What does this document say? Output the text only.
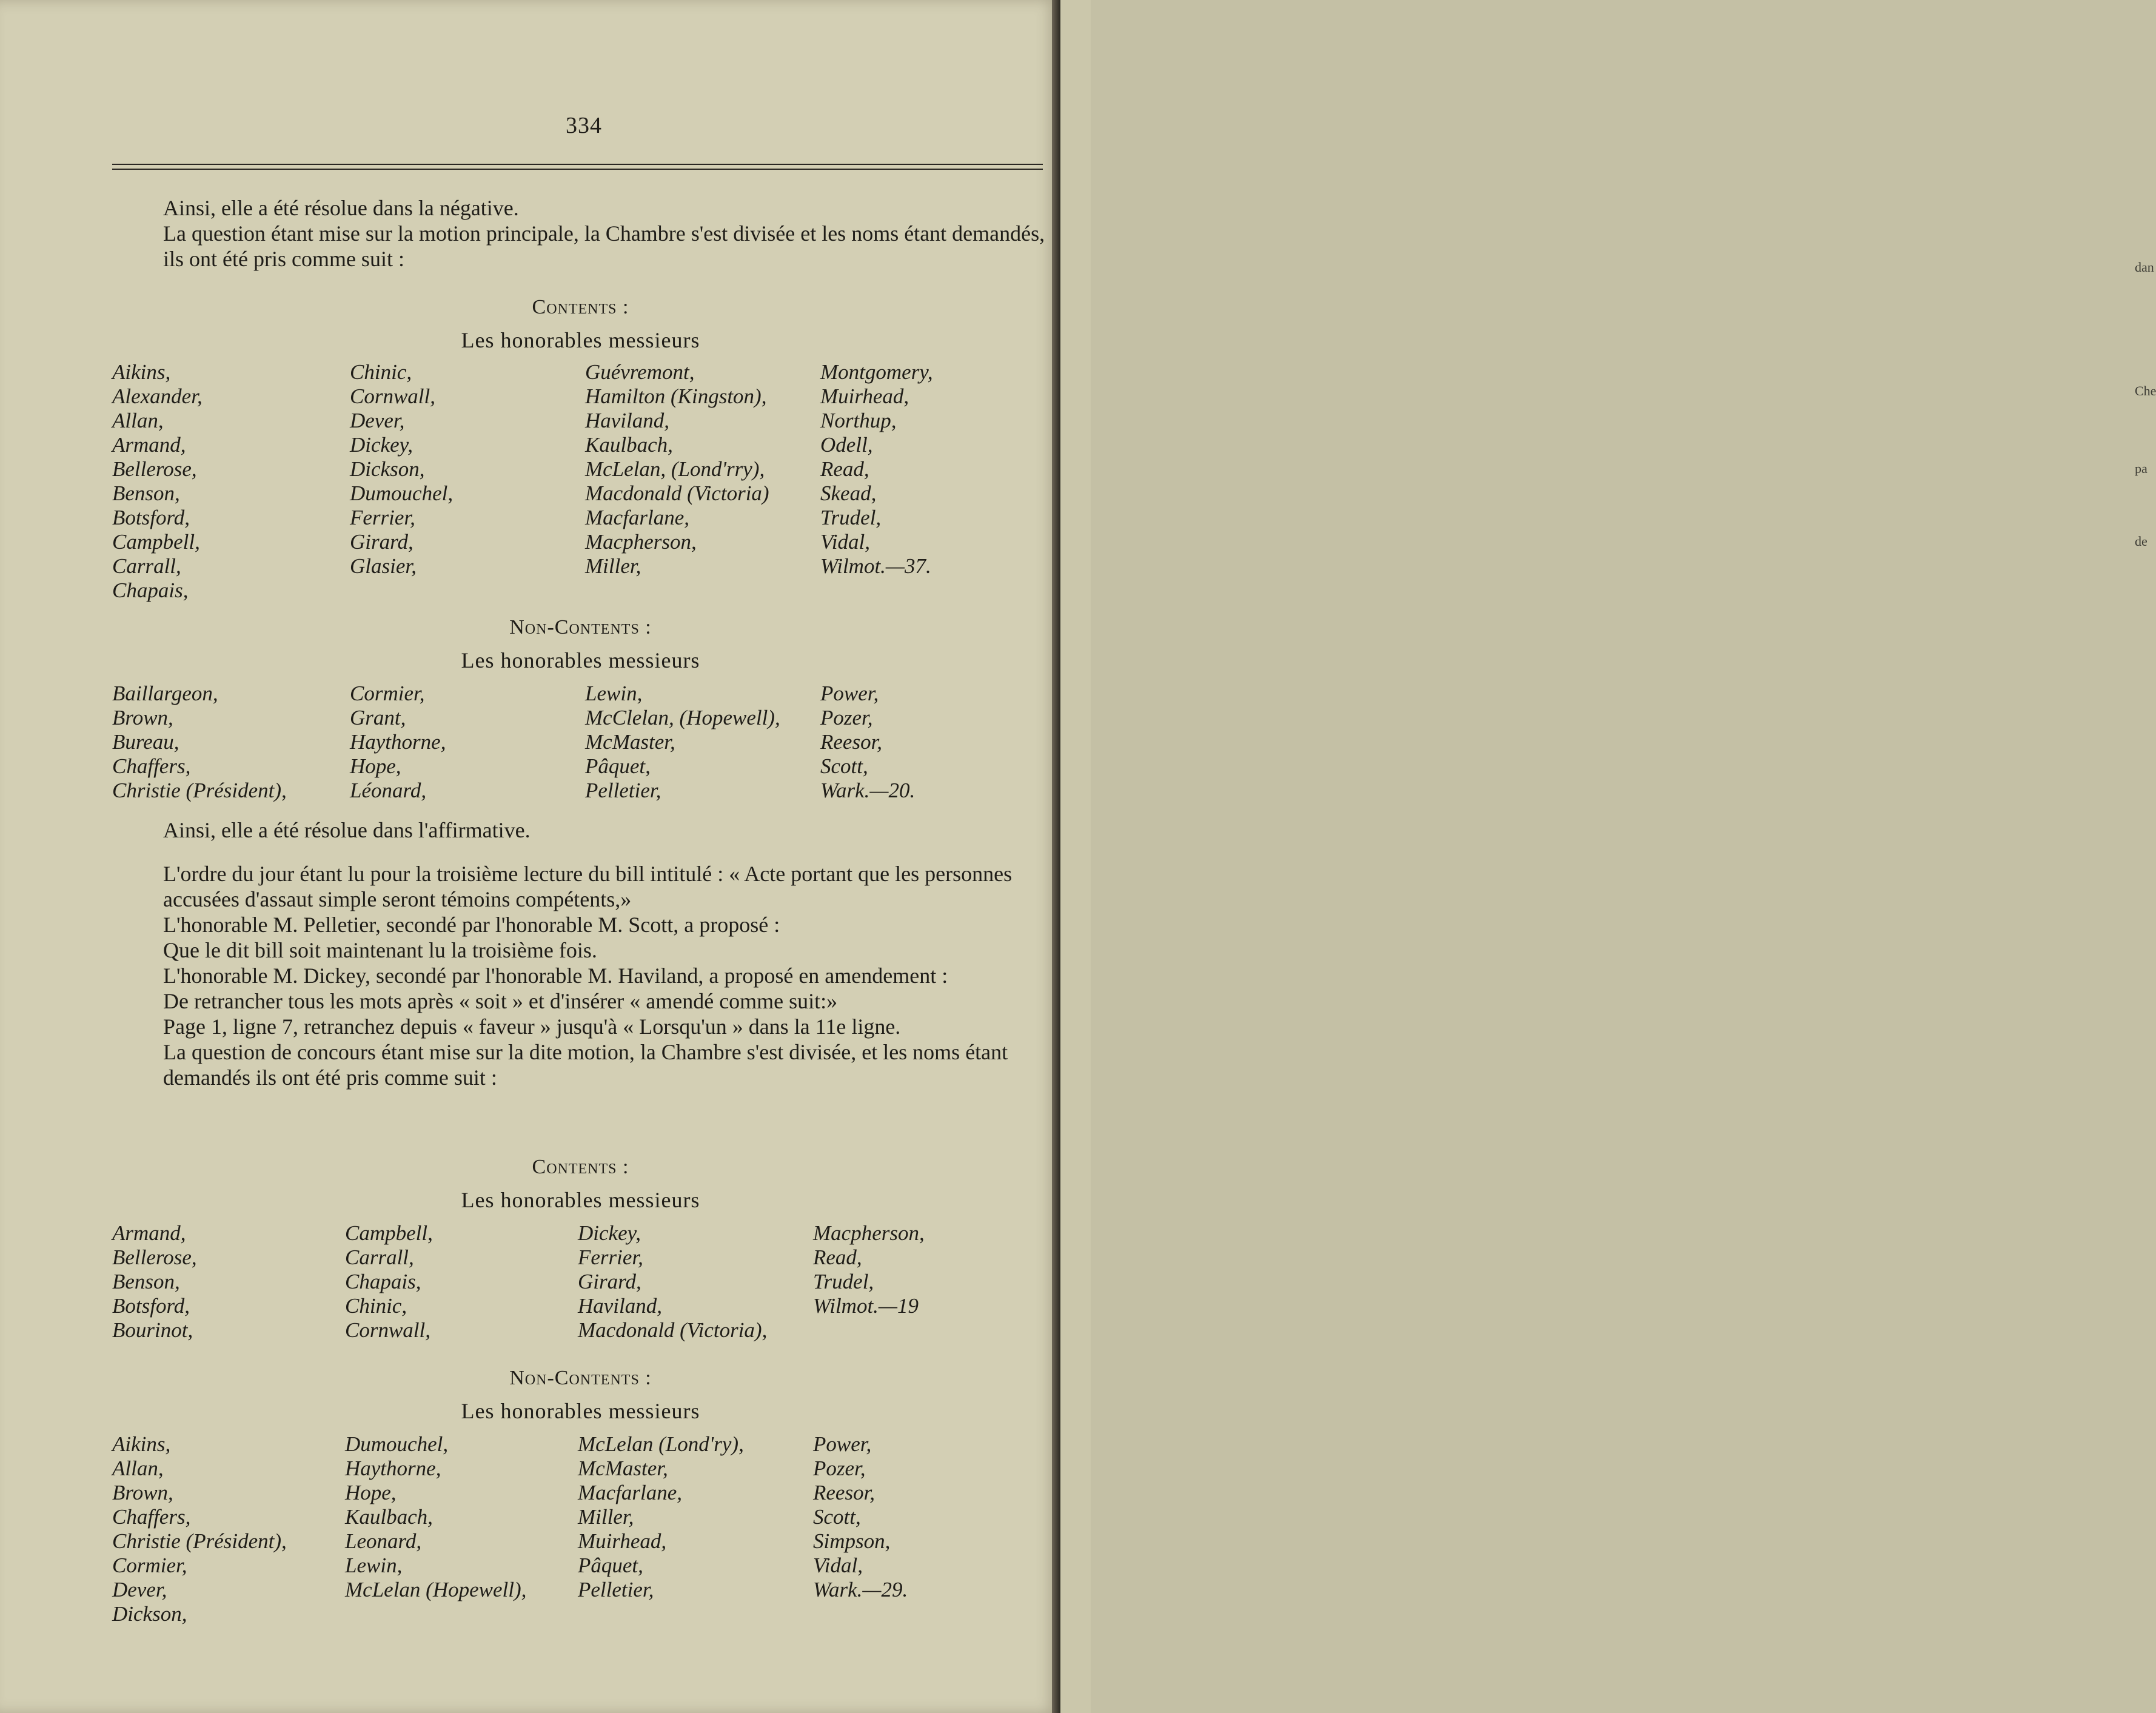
dan
Che
pa
de
334
Ainsi, elle a été résolue dans la négative.
La question étant mise sur la motion principale, la Chambre s'est divisée et les noms étant demandés, ils ont été pris comme suit :
Contents :
Les honorables messieurs
Aikins,
Alexander,
Allan,
Armand,
Bellerose,
Benson,
Botsford,
Campbell,
Carrall,
Chapais,
Chinic,
Cornwall,
Dever,
Dickey,
Dickson,
Dumouchel,
Ferrier,
Girard,
Glasier,
Guévremont,
Hamilton (Kingston),
Haviland,
Kaulbach,
McLelan, (Lond'rry),
Macdonald (Victoria)
Macfarlane,
Macpherson,
Miller,
Montgomery,
Muirhead,
Northup,
Odell,
Read,
Skead,
Trudel,
Vidal,
Wilmot.—37.
Non-Contents :
Les honorables messieurs
Baillargeon,
Brown,
Bureau,
Chaffers,
Christie (Président),
Cormier,
Grant,
Haythorne,
Hope,
Léonard,
Lewin,
McClelan, (Hopewell),
McMaster,
Pâquet,
Pelletier,
Power,
Pozer,
Reesor,
Scott,
Wark.—20.
Ainsi, elle a été résolue dans l'affirmative.
L'ordre du jour étant lu pour la troisième lecture du bill intitulé : « Acte portant que les personnes accusées d'assaut simple seront témoins compétents,»
L'honorable M. Pelletier, secondé par l'honorable M. Scott, a proposé :
Que le dit bill soit maintenant lu la troisième fois.
L'honorable M. Dickey, secondé par l'honorable M. Haviland, a proposé en amendement :
De retrancher tous les mots après « soit » et d'insérer « amendé comme suit:»
Page 1, ligne 7, retranchez depuis « faveur » jusqu'à « Lorsqu'un » dans la 11e ligne.
La question de concours étant mise sur la dite motion, la Chambre s'est divisée, et les noms étant demandés ils ont été pris comme suit :
Contents :
Les honorables messieurs
Armand,
Bellerose,
Benson,
Botsford,
Bourinot,
Campbell,
Carrall,
Chapais,
Chinic,
Cornwall,
Dickey,
Ferrier,
Girard,
Haviland,
Macdonald (Victoria),
Macpherson,
Read,
Trudel,
Wilmot.—19
Non-Contents :
Les honorables messieurs
Aikins,
Allan,
Brown,
Chaffers,
Christie (Président),
Cormier,
Dever,
Dickson,
Dumouchel,
Haythorne,
Hope,
Kaulbach,
Leonard,
Lewin,
McLelan (Hopewell),
McLelan (Lond'ry),
McMaster,
Macfarlane,
Miller,
Muirhead,
Pâquet,
Pelletier,
Power,
Pozer,
Reesor,
Scott,
Simpson,
Vidal,
Wark.—29.
